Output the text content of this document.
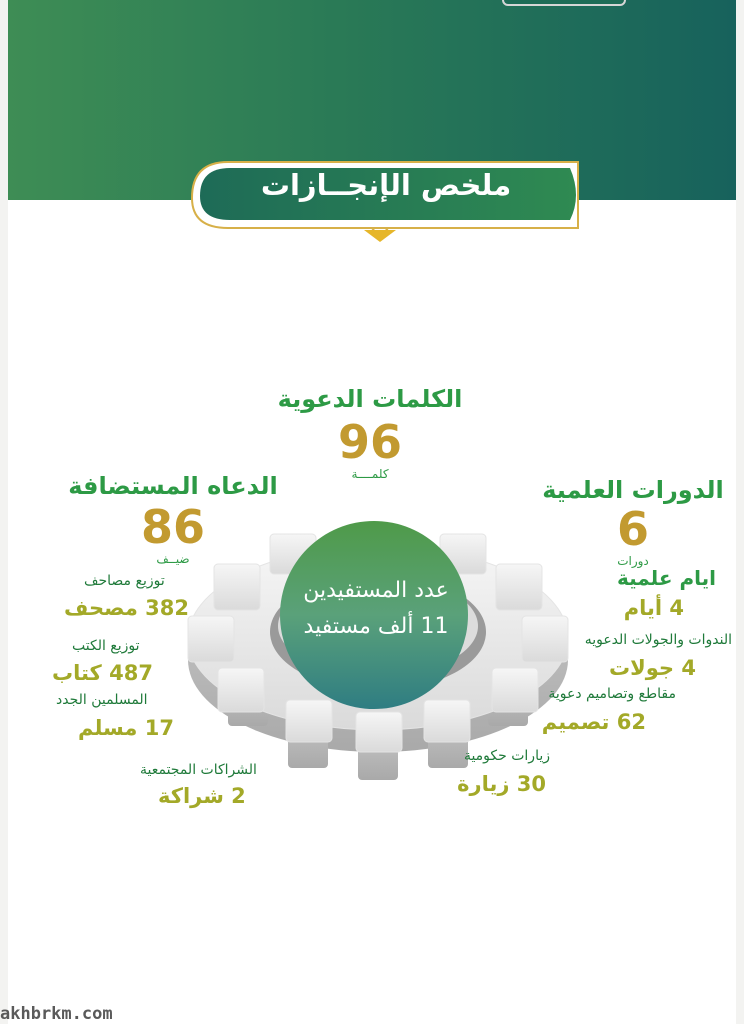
ملخص الإنجــازات
عدد المستفيدين
11 ألف مستفيد
الكلمات الدعوية
96
كلمــــة
الدعاه المستضافة
86
ضيــف
الدورات العلمية
6
دورات
ايام علمية
4 أيام
الندوات والجولات الدعويه
4 جولات
مقاطع وتصاميم دعوية
62 تصميم
زيارات حكومية
30 زيارة
توزيع مصاحف
382 مصحف
توزيع الكتب
487 كتاب
المسلمين الجدد
17 مسلم
الشراكات المجتمعية
2 شراكة
akhbrkm.com
